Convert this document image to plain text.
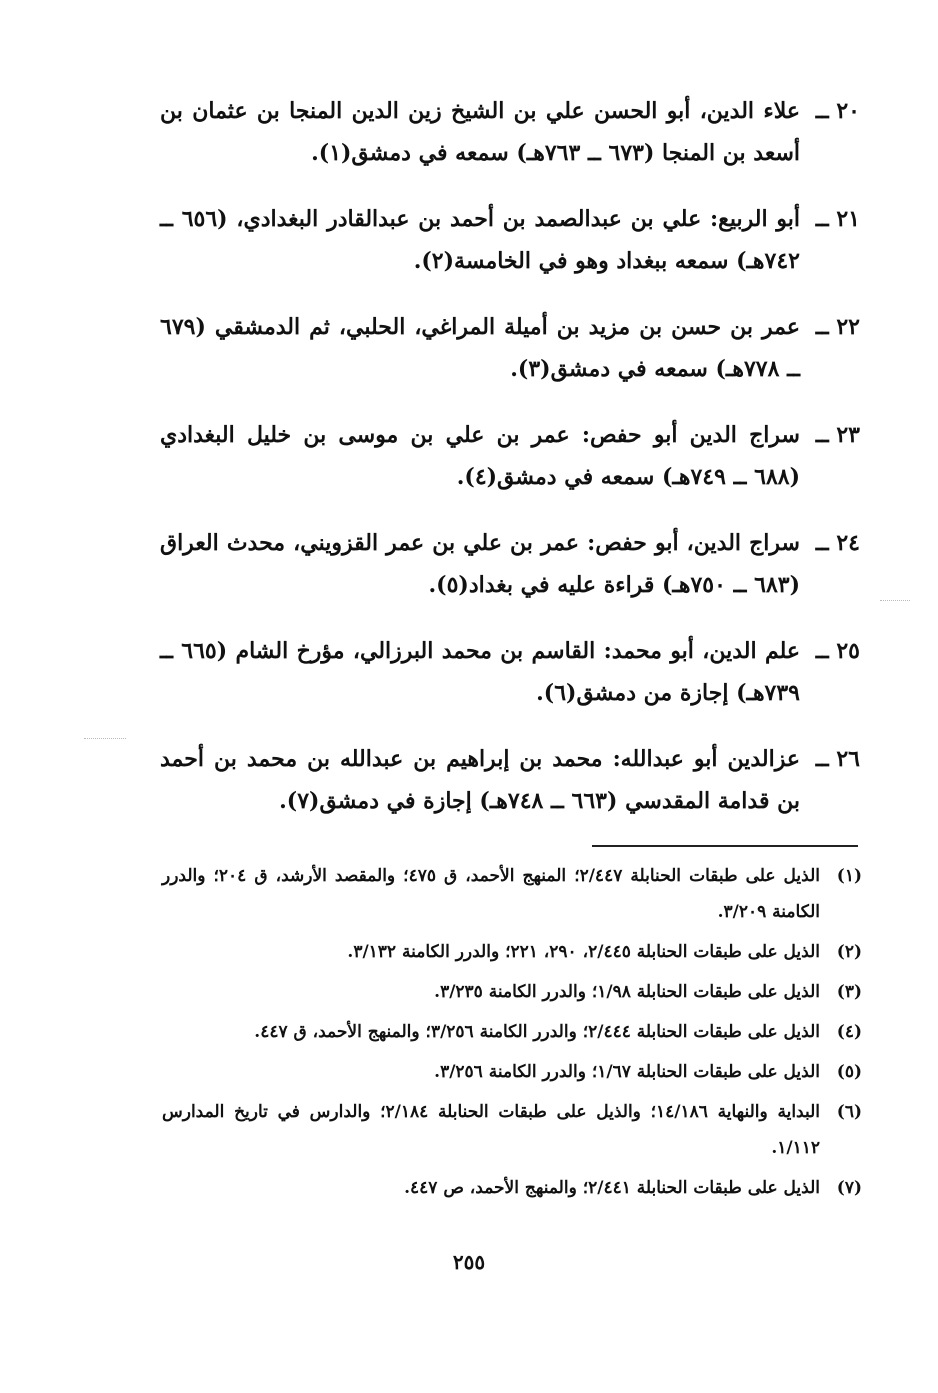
٢٠ ــ
علاء الدين، أبو الحسن علي بن الشيخ زين الدين المنجا بن عثمان بن أسعد بن المنجا (٦٧٣ ــ ٧٦٣هـ) سمعه في دمشق(١).
٢١ ــ
أبو الربيع: علي بن عبدالصمد بن أحمد بن عبدالقادر البغدادي، (٦٥٦ ــ ٧٤٢هـ) سمعه ببغداد وهو في الخامسة(٢).
٢٢ ــ
عمر بن حسن بن مزيد بن أميلة المراغي، الحلبي، ثم الدمشقي (٦٧٩ ــ ٧٧٨هـ) سمعه في دمشق(٣).
٢٣ ــ
سراج الدين أبو حفص: عمر بن علي بن موسى بن خليل البغدادي (٦٨٨ ــ ٧٤٩هـ) سمعه في دمشق(٤).
٢٤ ــ
سراج الدين، أبو حفص: عمر بن علي بن عمر القزويني، محدث العراق (٦٨٣ ــ ٧٥٠هـ) قراءة عليه في بغداد(٥).
٢٥ ــ
علم الدين، أبو محمد: القاسم بن محمد البرزالي، مؤرخ الشام (٦٦٥ ــ ٧٣٩هـ) إجازة من دمشق(٦).
٢٦ ــ
عزالدين أبو عبدالله: محمد بن إبراهيم بن عبدالله بن محمد بن أحمد بن قدامة المقدسي (٦٦٣ ــ ٧٤٨هـ) إجازة في دمشق(٧).
(١)
الذيل على طبقات الحنابلة ٢/٤٤٧؛ المنهج الأحمد، ق ٤٧٥؛ والمقصد الأرشد، ق ٢٠٤؛ والدرر الكامنة ٣/٢٠٩.
(٢)
الذيل على طبقات الحنابلة ٢/٤٤٥، ٢٩٠، ٢٢١؛ والدرر الكامنة ٣/١٣٢.
(٣)
الذيل على طبقات الحنابلة ١/٩٨؛ والدرر الكامنة ٣/٢٣٥.
(٤)
الذيل على طبقات الحنابلة ٢/٤٤٤؛ والدرر الكامنة ٣/٢٥٦؛ والمنهج الأحمد، ق ٤٤٧.
(٥)
الذيل على طبقات الحنابلة ١/٦٧؛ والدرر الكامنة ٣/٢٥٦.
(٦)
البداية والنهاية ١٤/١٨٦؛ والذيل على طبقات الحنابلة ٢/١٨٤؛ والدارس في تاريخ المدارس ١/١١٢.
(٧)
الذيل على طبقات الحنابلة ٢/٤٤١؛ والمنهج الأحمد، ص ٤٤٧.
٢٥٥
